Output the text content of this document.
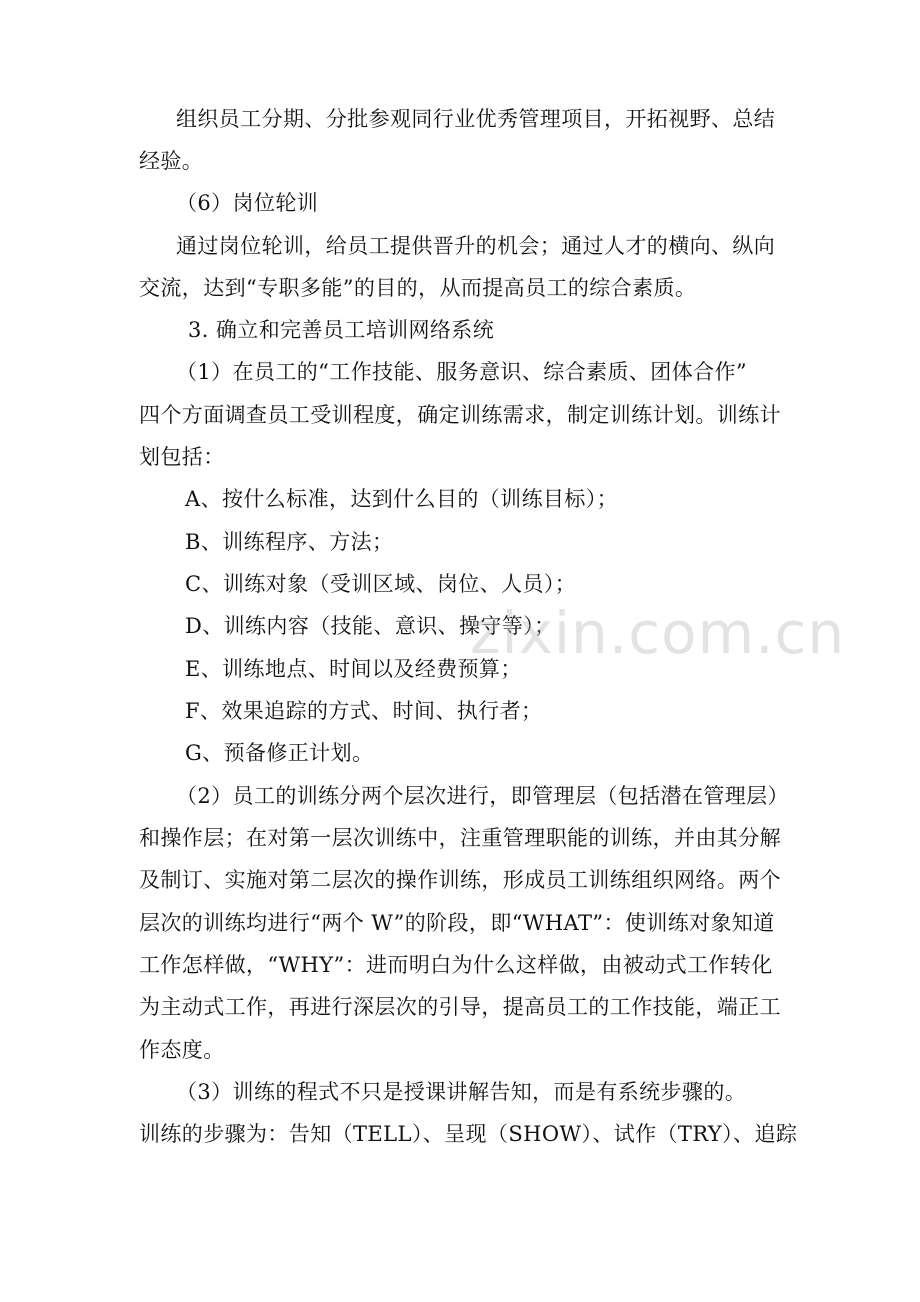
组织员工分期、分批参观同行业优秀管理项目，开拓视野、总结
经验。
（6）岗位轮训
通过岗位轮训，给员工提供晋升的机会；通过人才的横向、纵向
交流，达到“专职多能”的目的，从而提高员工的综合素质。
3. 确立和完善员工培训网络系统
（1）在员工的“工作技能、服务意识、综合素质、团体合作”
四个方面调查员工受训程度，确定训练需求，制定训练计划。训练计
划包括：
A、按什么标准，达到什么目的（训练目标）；
B、训练程序、方法；
C、训练对象（受训区域、岗位、人员）；
D、训练内容（技能、意识、操守等）；
E、训练地点、时间以及经费预算；
F、效果追踪的方式、时间、执行者；
G、预备修正计划。
（2）员工的训练分两个层次进行，即管理层（包括潜在管理层）
和操作层；在对第一层次训练中，注重管理职能的训练，并由其分解
及制订、实施对第二层次的操作训练，形成员工训练组织网络。两个
层次的训练均进行“两个 W”的阶段，即“WHAT”：使训练对象知道
工作怎样做，“WHY”：进而明白为什么这样做，由被动式工作转化
为主动式工作，再进行深层次的引导，提高员工的工作技能，端正工
作态度。
（3）训练的程式不只是授课讲解告知，而是有系统步骤的。
训练的步骤为：告知（TELL）、呈现（SHOW）、试作（TRY）、追踪
zixin.com.cn
